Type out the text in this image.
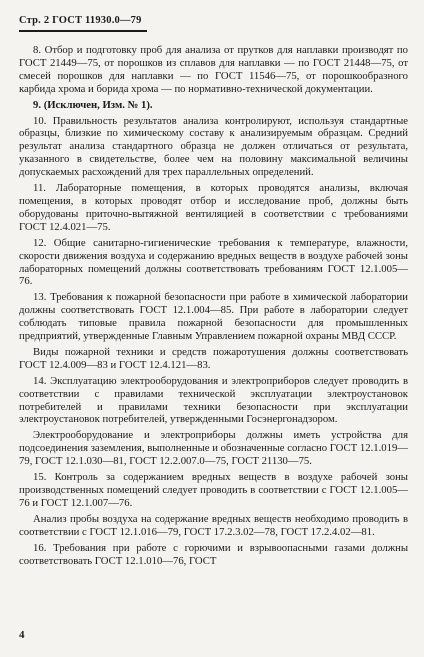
Стр. 2 ГОСТ 11930.0—79

8. Отбор и подготовку проб для анализа от прутков для наплавки производят по ГОСТ 21449—75, от порошков из сплавов для наплавки — по ГОСТ 21448—75, от смесей порошков для наплавки — по ГОСТ 11546—75, от порошкообразного карбида хрома и борида хрома — по нормативно-технической документации.

9. (Исключен, Изм. № 1).

10. Правильность результатов анализа контролируют, используя стандартные образцы, близкие по химическому составу к анализируемым образцам. Средний результат анализа стандартного образца не должен отличаться от результата, указанного в свидетельстве, более чем на половину максимальной величины допускаемых расхождений для трех параллельных определений.

11. Лабораторные помещения, в которых проводятся анализы, включая помещения, в которых проводят отбор и исследование проб, должны быть оборудованы приточно-вытяжной вентиляцией в соответствии с требованиями ГОСТ 12.4.021—75.

12. Общие санитарно-гигиенические требования к температуре, влажности, скорости движения воздуха и содержанию вредных веществ в воздухе рабочей зоны лабораторных помещений должны соответствовать требованиям ГОСТ 12.1.005—76.

13. Требования к пожарной безопасности при работе в химической лаборатории должны соответствовать ГОСТ 12.1.004—85. При работе в лаборатории следует соблюдать типовые правила пожарной безопасности для промышленных предприятий, утвержденные Главным Управлением пожарной охраны МВД СССР.

Виды пожарной техники и средств пожаротушения должны соответствовать ГОСТ 12.4.009—83 и ГОСТ 12.4.121—83.

14. Эксплуатацию электрооборудования и электроприборов следует проводить в соответствии с правилами технической эксплуатации электроустановок потребителей и правилами техники безопасности при эксплуатации электроустановок потребителей, утвержденными Госэнергонадзором.

Электрооборудование и электроприборы должны иметь устройства для подсоединения заземления, выполненные и обозначенные согласно ГОСТ 12.1.019—79, ГОСТ 12.1.030—81, ГОСТ 12.2.007.0—75, ГОСТ 21130—75.

15. Контроль за содержанием вредных веществ в воздухе рабочей зоны производственных помещений следует проводить в соответствии с ГОСТ 12.1.005—76 и ГОСТ 12.1.007—76.

Анализ пробы воздуха на содержание вредных веществ необходимо проводить в соответствии с ГОСТ 12.1.016—79, ГОСТ 17.2.3.02—78, ГОСТ 17.2.4.02—81.

16. Требования при работе с горючими и взрывоопасными газами должны соответствовать ГОСТ 12.1.010—76, ГОСТ

4
